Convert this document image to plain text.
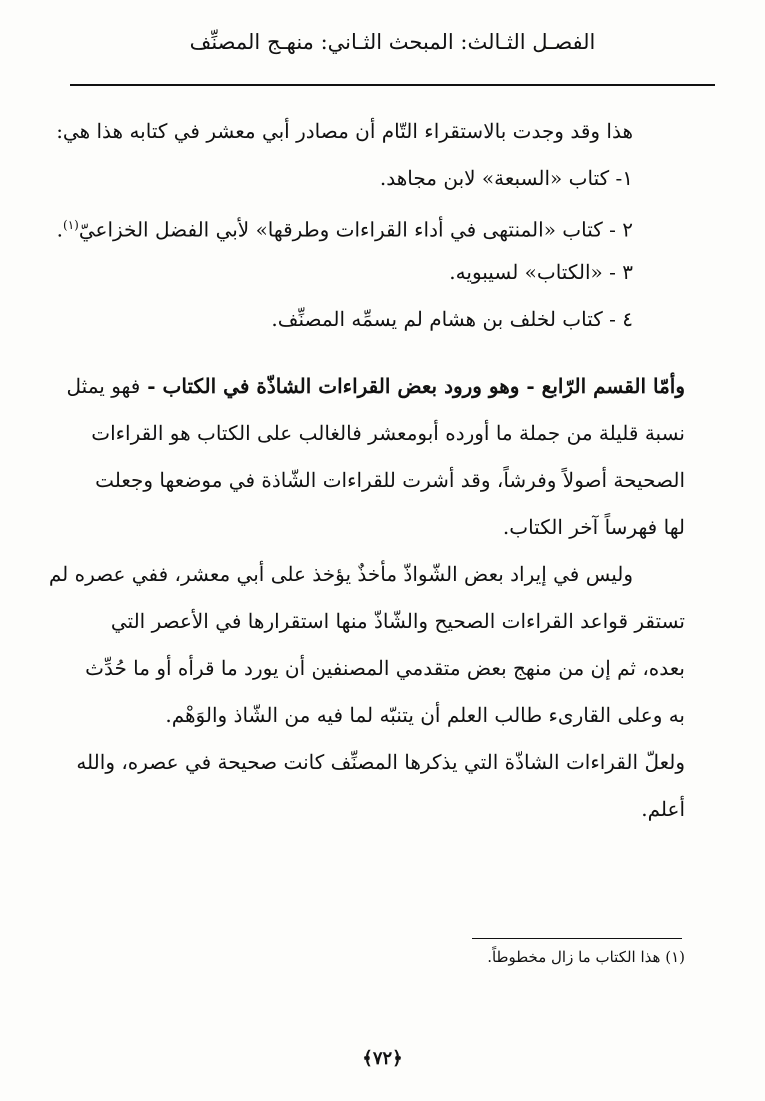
الفصـل الثـالث: المبحث الثـاني: منهـج المصنِّف
هذا وقد وجدت بالاستقراء التّام أن مصادر أبي معشر في كتابه هذا هي:
١- كتاب «السبعة» لابن مجاهد.
٢ - كتاب «المنتهى في أداء القراءات وطرقها» لأبي الفضل الخزاعيّ$^{(١)}$.
٣ - «الكتاب» لسيبويه.
٤ - كتاب لخلف بن هشام لم يسمِّه المصنِّف.
وأمّا القسم الرّابع - وهو ورود بعض القراءات الشاذّة في الكتاب - فهو يمثل
نسبة قليلة من جملة ما أورده أبومعشر فالغالب على الكتاب هو القراءات
الصحيحة أصولاً وفرشاً، وقد أشرت للقراءات الشّاذة في موضعها وجعلت
لها فهرساً آخر الكتاب.
وليس في إيراد بعض الشّواذّ مأخذٌ يؤخذ على أبي معشر، ففي عصره لم
تستقر قواعد القراءات الصحيح والشّاذّ منها استقرارها في الأعصر التي
بعده، ثم إن من منهج بعض متقدمي المصنفين أن يورد ما قرأه أو ما حُدِّث
به وعلى القارىء طالب العلم أن يتنبّه لما فيه من الشّاذ والوَهْم.
ولعلّ القراءات الشاذّة التي يذكرها المصنِّف كانت صحيحة في عصره، والله
أعلم.
(١) هذا الكتاب ما زال مخطوطاً.
﴿٧٢﴾
